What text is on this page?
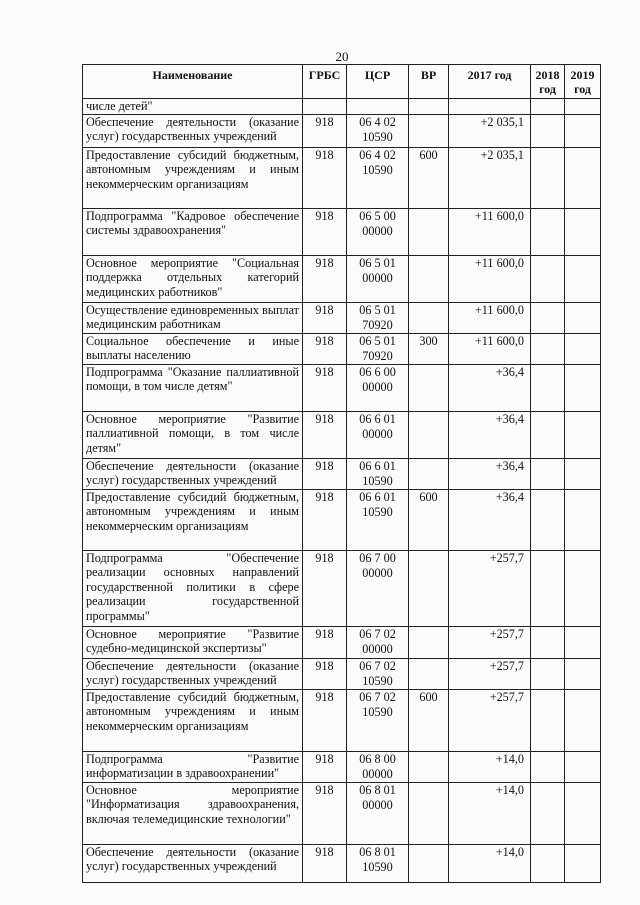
20
Наименование	ГРБС	ЦСР	ВР	2017 год	2018 год	2019 год
числе детей"						
Обеспечение деятельности (оказание услуг) государственных учреждений	918	06 4 02 10590		+2 035,1		
Предоставление субсидий бюджетным, автономным учреждениям и иным некоммерческим организациям	918	06 4 02 10590	600	+2 035,1		
Подпрограмма "Кадровое обеспечение системы здравоохранения"	918	06 5 00 00000		+11 600,0		
Основное мероприятие "Социальная поддержка отдельных категорий медицинских работников"	918	06 5 01 00000		+11 600,0		
Осуществление единовременных выплат медицинским работникам	918	06 5 01 70920		+11 600,0		
Социальное обеспечение и иные выплаты населению	918	06 5 01 70920	300	+11 600,0		
Подпрограмма "Оказание паллиативной помощи, в том числе детям"	918	06 6 00 00000		+36,4		
Основное мероприятие "Развитие паллиативной помощи, в том числе детям"	918	06 6 01 00000		+36,4		
Обеспечение деятельности (оказание услуг) государственных учреждений	918	06 6 01 10590		+36,4		
Предоставление субсидий бюджетным, автономным учреждениям и иным некоммерческим организациям	918	06 6 01 10590	600	+36,4		
Подпрограмма "Обеспечение реализации основных направлений государственной политики в сфере реализации государственной программы"	918	06 7 00 00000		+257,7		
Основное мероприятие "Развитие судебно-медицинской экспертизы"	918	06 7 02 00000		+257,7		
Обеспечение деятельности (оказание услуг) государственных учреждений	918	06 7 02 10590		+257,7		
Предоставление субсидий бюджетным, автономным учреждениям и иным некоммерческим организациям	918	06 7 02 10590	600	+257,7		
Подпрограмма "Развитие информатизации в здравоохранении"	918	06 8 00 00000		+14,0		
Основное мероприятие "Информатизация здравоохранения, включая телемедицинские технологии"	918	06 8 01 00000		+14,0		
Обеспечение деятельности (оказание услуг) государственных учреждений	918	06 8 01 10590		+14,0		
